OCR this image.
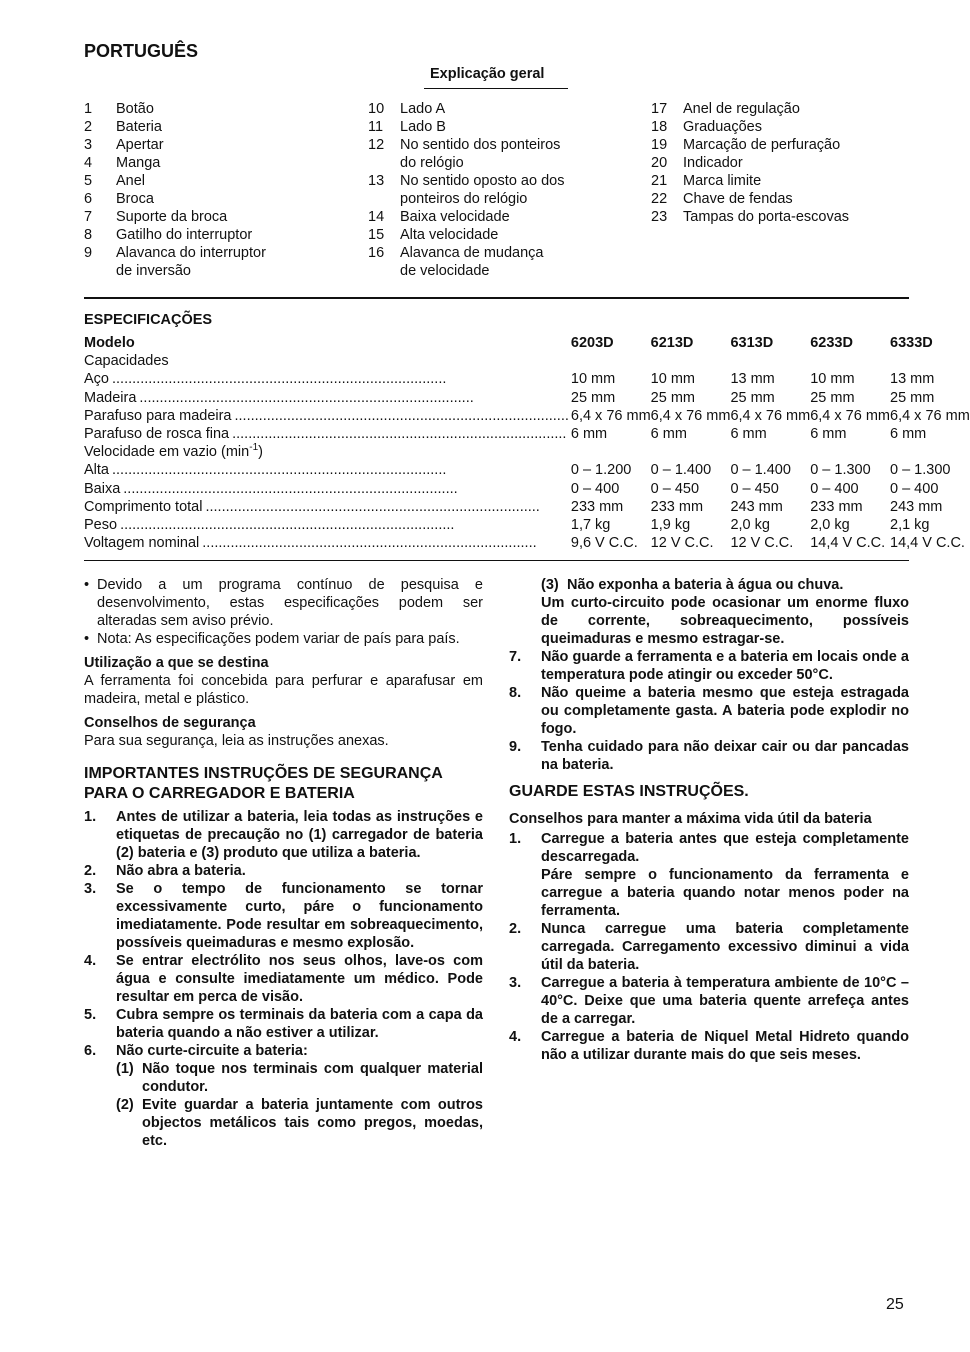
PORTUGUÊS
Explicação geral
1	Botão
2	Bateria
3	Apertar
4	Manga
5	Anel
6	Broca
7	Suporte da broca
8	Gatilho do interruptor
9	Alavanca do interruptor
de inversão
10	Lado A
11	Lado B
12	No sentido dos ponteiros
do relógio
13	No sentido oposto ao dos
ponteiros do relógio
14	Baixa velocidade
15	Alta velocidade
16	Alavanca de mudança
de velocidade
17	Anel de regulação
18	Graduações
19	Marcação de perfuração
20	Indicador
21	Marca limite
22	Chave de fendas
23	Tampas do porta-escovas
ESPECIFICAÇÕES
Modelo	6203D	6213D	6313D	6233D	6333D
Capacidades					

Aço
.....	10 mm	10 mm	13 mm	10 mm	13 mm

Madeira
.....	25 mm	25 mm	25 mm	25 mm	25 mm

Parafuso para madeira
.....	6,4 x 76 mm	6,4 x 76 mm	6,4 x 76 mm	6,4 x 76 mm	6,4 x 76 mm

Parafuso de rosca fina
.....	6 mm	6 mm	6 mm	6 mm	6 mm
Velocidade em vazio $(\min^{-1})$					

Alta
.....	0 – 1.200	0 – 1.400	0 – 1.400	0 – 1.300	0 – 1.300

Baixa
.....	0 – 400	0 – 450	0 – 450	0 – 400	0 – 400

Comprimento total
.....	233 mm	233 mm	243 mm	233 mm	243 mm

Peso
.....	1,7 kg	1,9 kg	2,0 kg	2,0 kg	2,1 kg

Voltagem nominal
.....	9,6 V C.C.	12 V C.C.	12 V C.C.	14,4 V C.C.	14,4 V C.C.
• Devido a um programa contínuo de pesquisa e desenvolvimento, estas especificações podem ser alteradas sem aviso prévio.
• Nota: As especificações podem variar de país para país.
Utilização a que se destina
A ferramenta foi concebida para perfurar e aparafusar em madeira, metal e plástico.
Conselhos de segurança
Para sua segurança, leia as instruções anexas.
IMPORTANTES INSTRUÇÕES DE SEGURANÇA PARA O CARREGADOR E BATERIA
1.	Antes de utilizar a bateria, leia todas as instruções e etiquetas de precaução no (1) carregador de bateria (2) bateria e (3) produto que utiliza a bateria.
2.	Não abra a bateria.
3.	Se o tempo de funcionamento se tornar excessivamente curto, páre o funcionamento imediatamente. Pode resultar em sobreaquecimento, possíveis queimaduras e mesmo explosão.
4.	Se entrar electrólito nos seus olhos, lave-os com água e consulte imediatamente um médico. Pode resultar em perca de visão.
5.	Cubra sempre os terminais da bateria com a capa da bateria quando a não estiver a utilizar.
6.	Não curte-circuite a bateria:
(1) Não toque nos terminais com qualquer material condutor.
(2) Evite guardar a bateria juntamente com outros objectos metálicos tais como pregos, moedas, etc.
(3) Não exponha a bateria à água ou chuva.
Um curto-circuito pode ocasionar um enorme fluxo de corrente, sobreaquecimento, possíveis queimaduras e mesmo estragar-se.
7.	Não guarde a ferramenta e a bateria em locais onde a temperatura pode atingir ou exceder 50°C.
8.	Não queime a bateria mesmo que esteja estragada ou completamente gasta. A bateria pode explodir no fogo.
9.	Tenha cuidado para não deixar cair ou dar pancadas na bateria.
GUARDE ESTAS INSTRUÇÕES.
Conselhos para manter a máxima vida útil da bateria
1.	Carregue a bateria antes que esteja completamente descarregada.
Páre sempre o funcionamento da ferramenta e carregue a bateria quando notar menos poder na ferramenta.
2.	Nunca carregue uma bateria completamente carregada. Carregamento excessivo diminui a vida útil da bateria.
3.	Carregue a bateria à temperatura ambiente de 10°C – 40°C. Deixe que uma bateria quente arrefeça antes de a carregar.
4.	Carregue a bateria de Niquel Metal Hidreto quando não a utilizar durante mais do que seis meses.
25
